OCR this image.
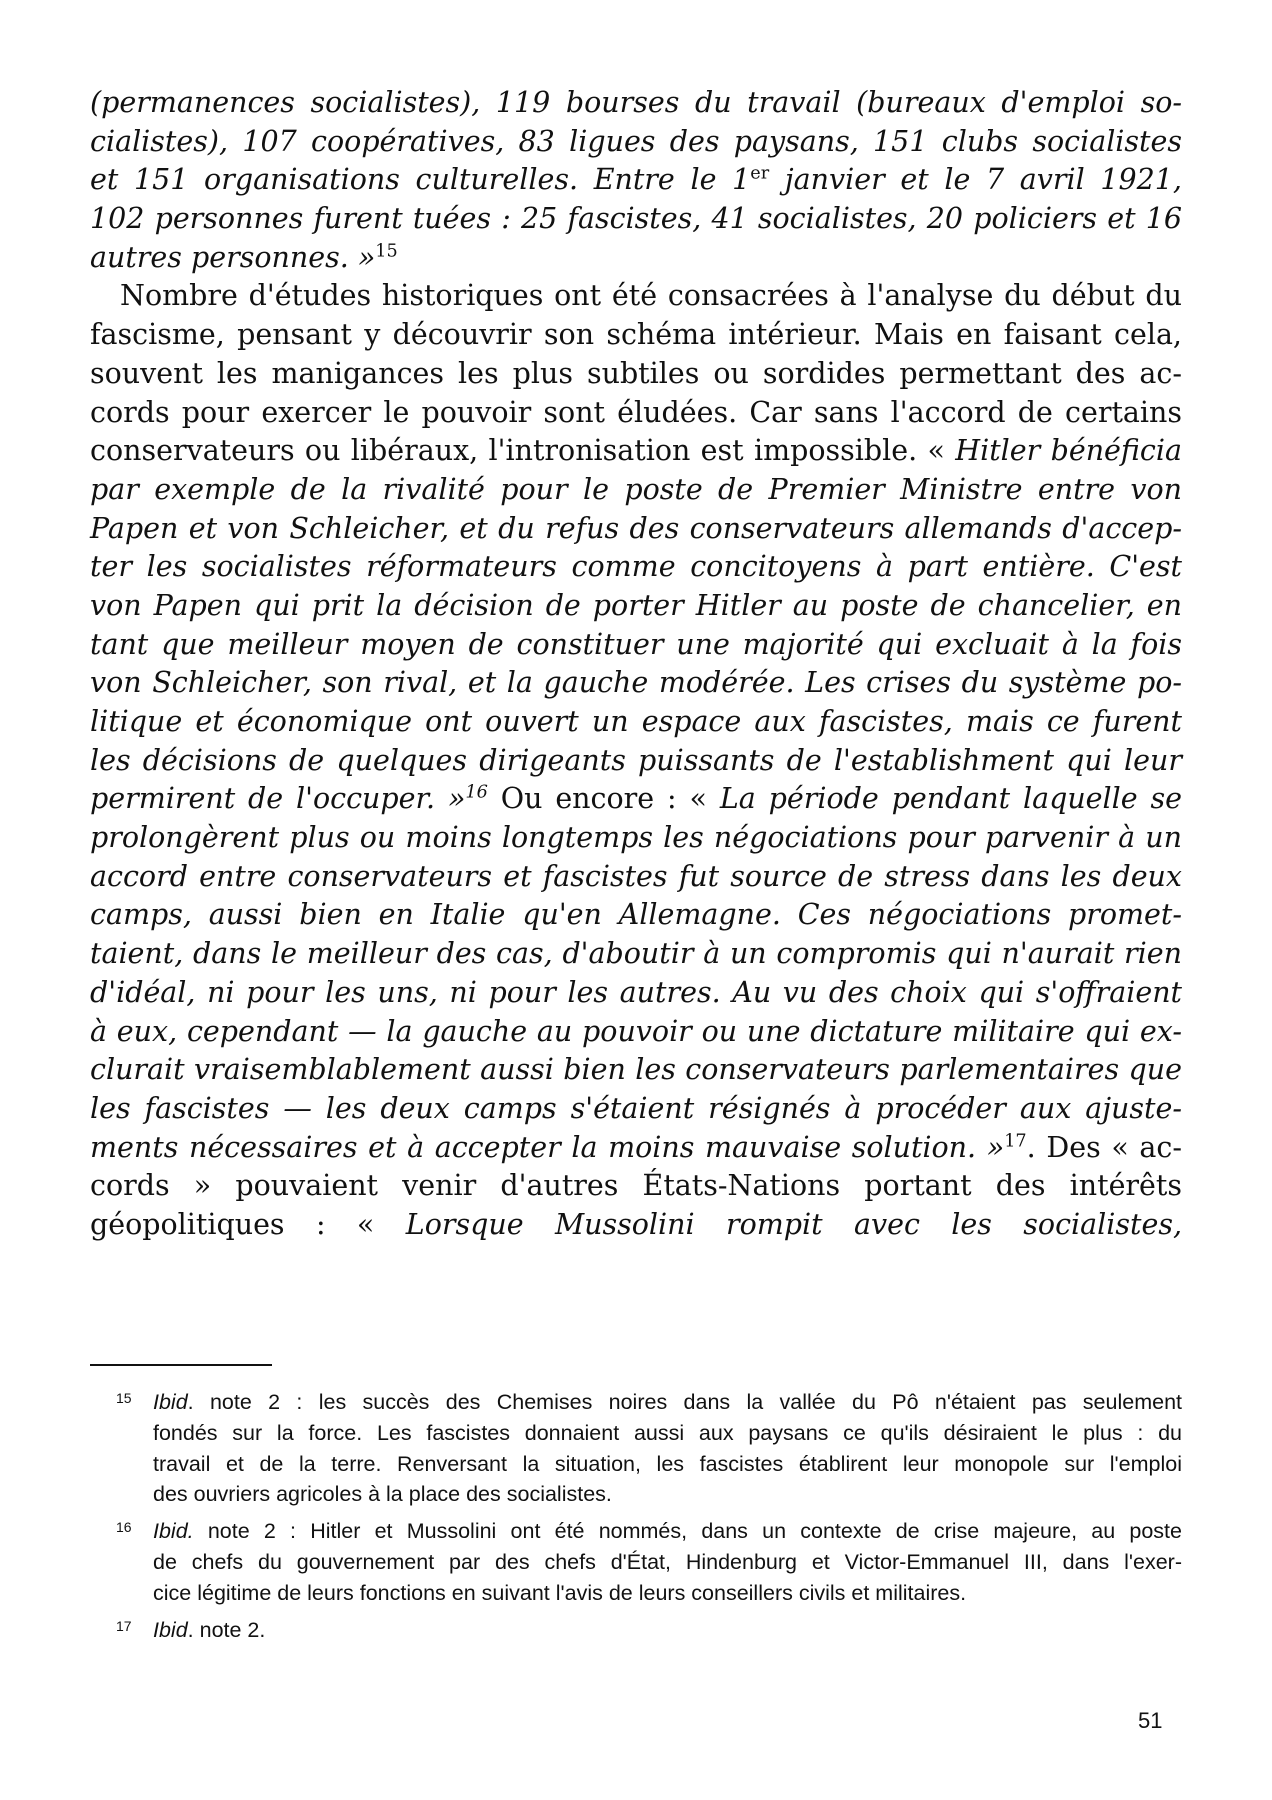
(permanences socialistes), 119 bourses du travail (bureaux d'emploi so-
cialistes), 107 coopératives, 83 ligues des paysans, 151 clubs socialistes
et 151 organisations culturelles. Entre le 1er janvier et le 7 avril 1921,
102 personnes furent tuées : 25 fascistes, 41 socialistes, 20 policiers et 16
autres personnes. »$^{15}$
Nombre d'études historiques ont été consacrées à l'analyse du début du
fascisme, pensant y découvrir son schéma intérieur. Mais en faisant cela,
souvent les manigances les plus subtiles ou sordides permettant des ac-
cords pour exercer le pouvoir sont éludées. Car sans l'accord de certains
conservateurs ou libéraux, l'intronisation est impossible. « Hitler bénéficia
par exemple de la rivalité pour le poste de Premier Ministre entre von
Papen et von Schleicher, et du refus des conservateurs allemands d'accep-
ter les socialistes réformateurs comme concitoyens à part entière. C'est
von Papen qui prit la décision de porter Hitler au poste de chancelier, en
tant que meilleur moyen de constituer une majorité qui excluait à la fois
von Schleicher, son rival, et la gauche modérée. Les crises du système po-
litique et économique ont ouvert un espace aux fascistes, mais ce furent
les décisions de quelques dirigeants puissants de l'establishment qui leur
permirent de l'occuper. »$^{16}$ Ou encore : « La période pendant laquelle se
prolongèrent plus ou moins longtemps les négociations pour parvenir à un
accord entre conservateurs et fascistes fut source de stress dans les deux
camps, aussi bien en Italie qu'en Allemagne. Ces négociations promet-
taient, dans le meilleur des cas, d'aboutir à un compromis qui n'aurait rien
d'idéal, ni pour les uns, ni pour les autres. Au vu des choix qui s'offraient
à eux, cependant — la gauche au pouvoir ou une dictature militaire qui ex-
clurait vraisemblablement aussi bien les conservateurs parlementaires que
les fascistes — les deux camps s'étaient résignés à procéder aux ajuste-
ments nécessaires et à accepter la moins mauvaise solution. »$^{17}$. Des « ac-
cords » pouvaient venir d'autres États-Nations portant des intérêts
géopolitiques : « Lorsque Mussolini rompit avec les socialistes,
15 Ibid. note 2 : les succès des Chemises noires dans la vallée du Pô n'étaient pas seulement
fondés sur la force. Les fascistes donnaient aussi aux paysans ce qu'ils désiraient le plus : du
travail et de la terre. Renversant la situation, les fascistes établirent leur monopole sur l'emploi
des ouvriers agricoles à la place des socialistes.
16 Ibid. note 2 : Hitler et Mussolini ont été nommés, dans un contexte de crise majeure, au poste
de chefs du gouvernement par des chefs d'État, Hindenburg et Victor-Emmanuel III, dans l'exer-
cice légitime de leurs fonctions en suivant l'avis de leurs conseillers civils et militaires.
17 Ibid. note 2.
51
